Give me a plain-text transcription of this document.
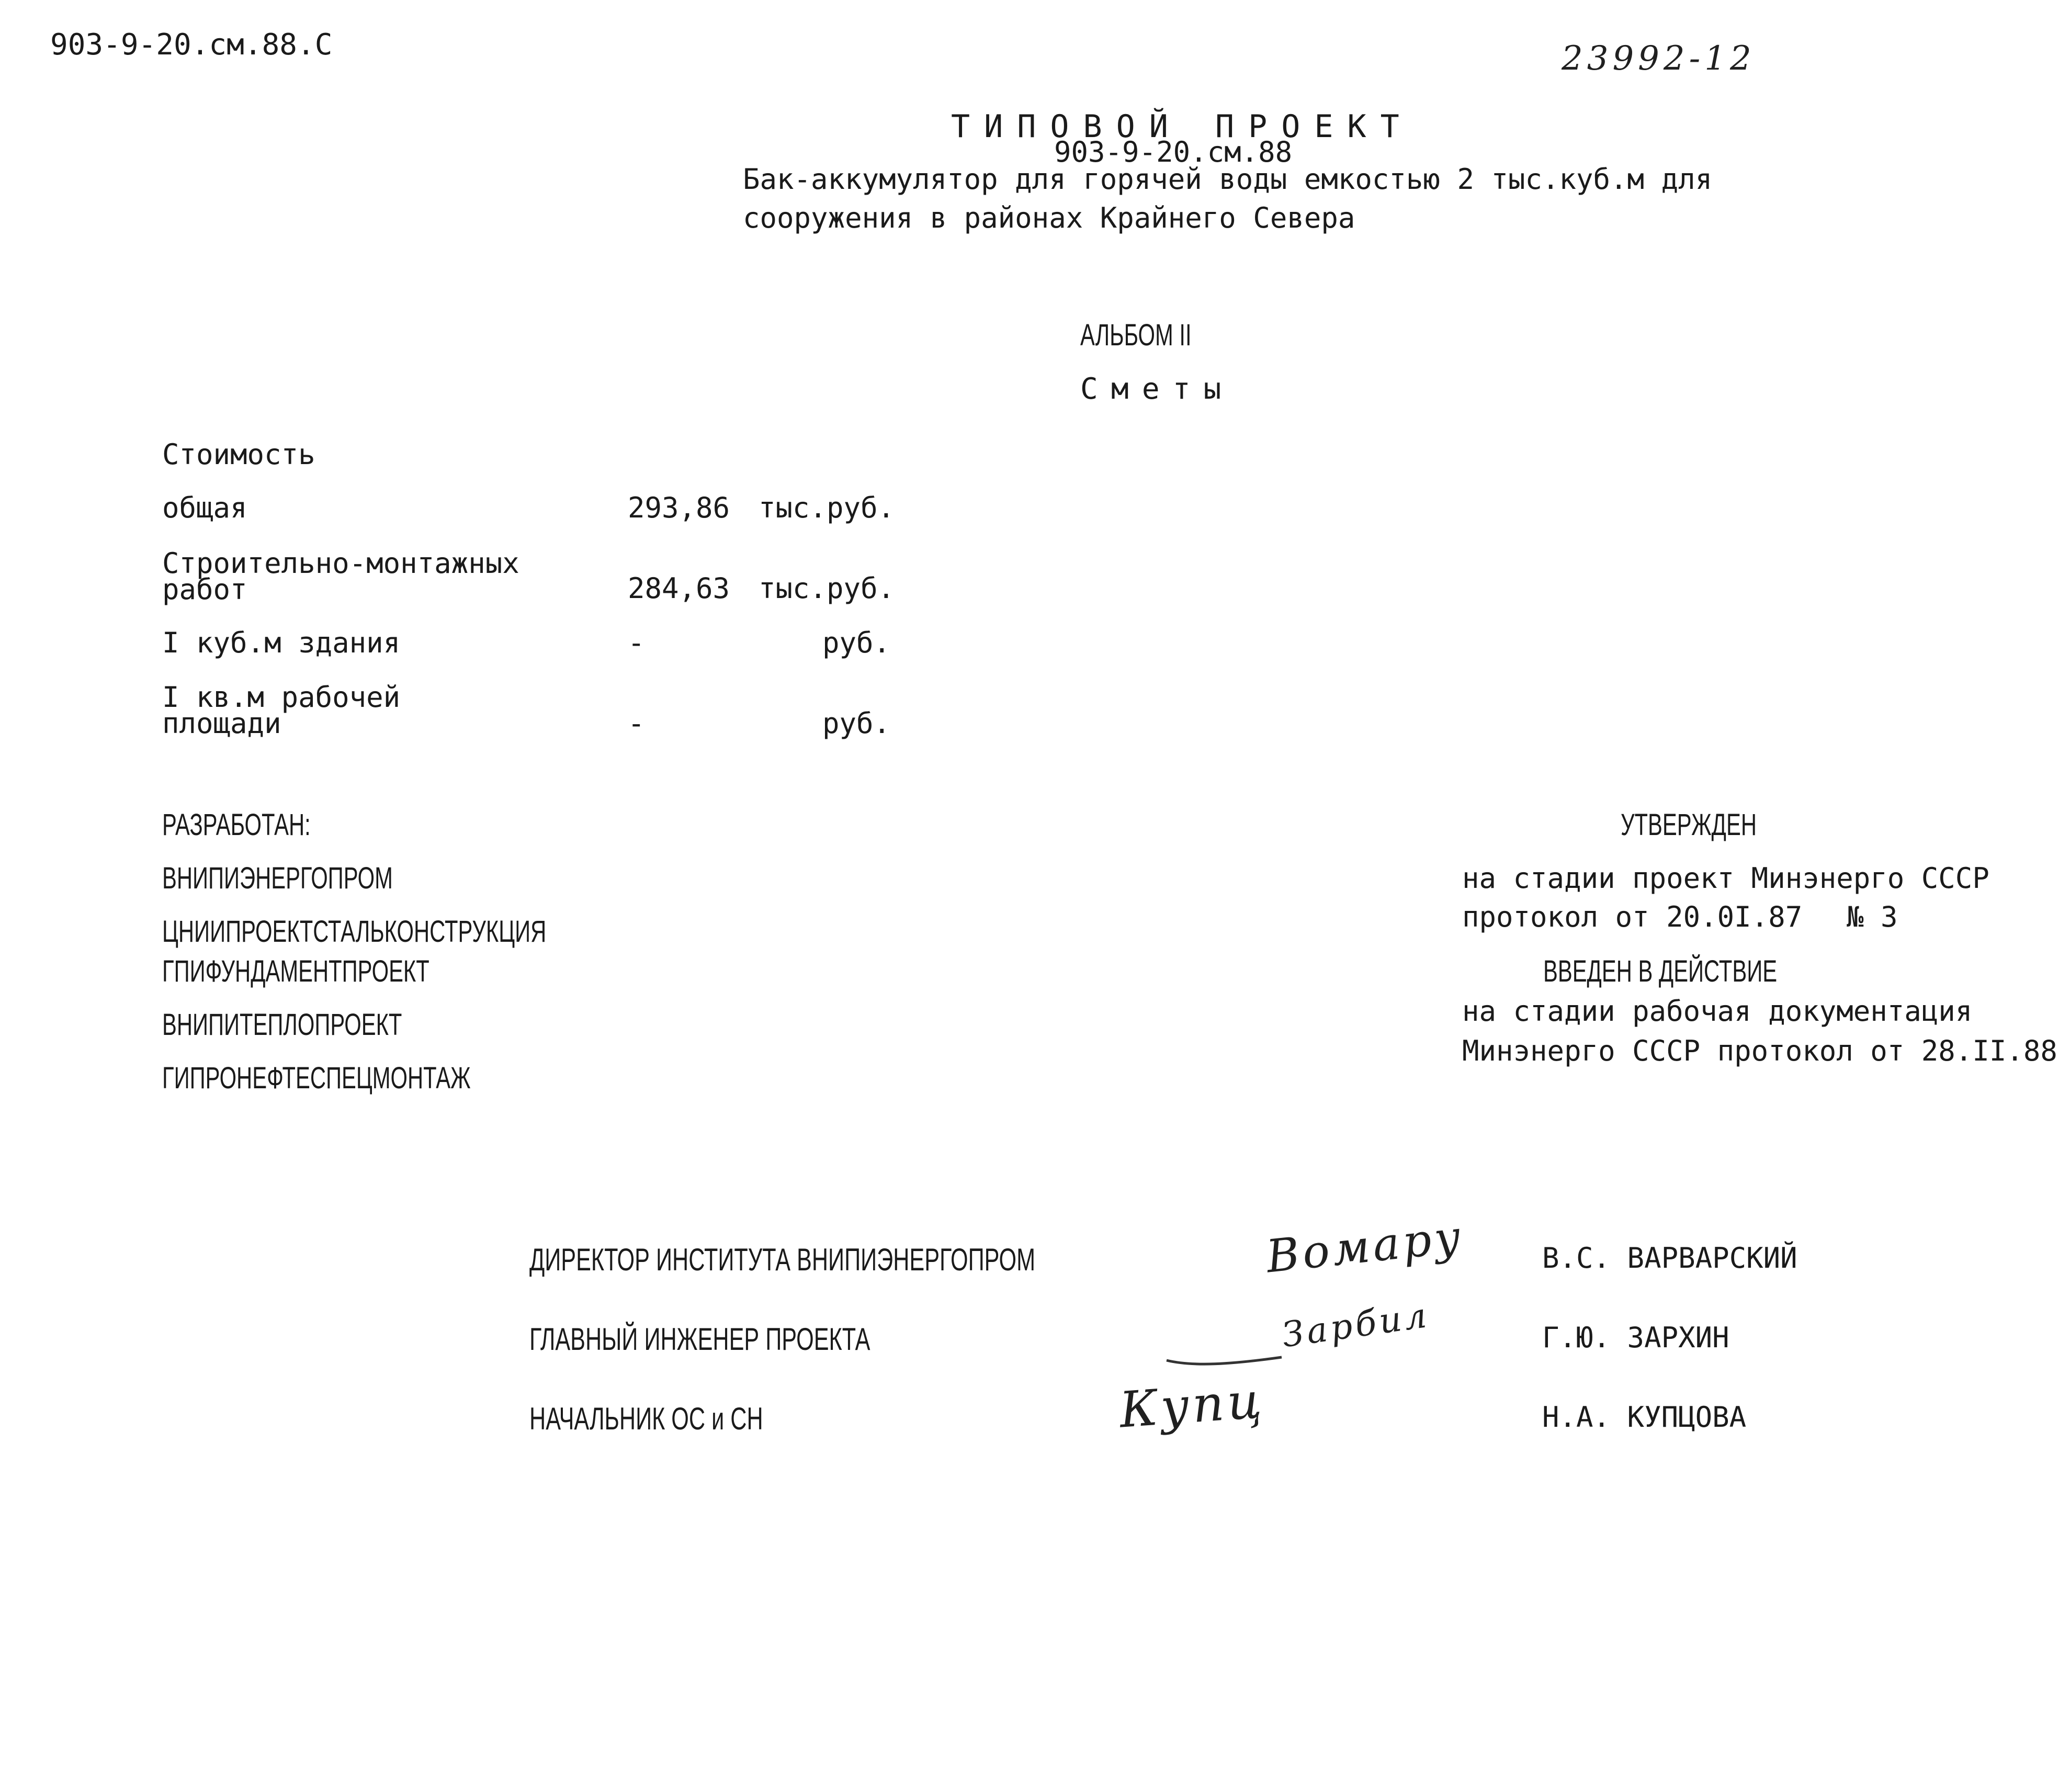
903-9-20.см.88.С	23992-12
ТИПОВОЙ ПРОЕКТ
903-9-20.см.88
Бак-аккумулятор для горячей воды емкостью 2 тыс.куб.м для
сооружения в районах Крайнего Севера
АЛЬБОМ II
Сметы
Стоимость
общая	293,86 тыс.руб.
Строительно-монтажных
работ	284,63 тыс.руб.
I куб.м здания	-	руб.
I кв.м рабочей
площади	-	руб.
РАЗРАБОТАН:
ВНИПИЭНЕРГОПРОМ
ЦНИИПРОЕКТСТАЛЬКОНСТРУКЦИЯ
ГПИФУНДАМЕНТПРОЕКТ
ВНИПИТЕПЛОПРОЕКТ
ГИПРОНЕФТЕСПЕЦМОНТАЖ
УТВЕРЖДЕН
на стадии проект Минэнерго СССР
протокол от 20.0I.87 № 3
ВВЕДЕН В ДЕЙСТВИЕ
на стадии рабочая документация
Минэнерго СССР протокол от 28.II.88
ДИРЕКТОР ИНСТИТУТА ВНИПИЭНЕРГОПРОМ	Вомару	В.С. ВАРВАРСКИЙ
ГЛАВНЫЙ ИНЖЕНЕР ПРОЕКТА	Зарбил	Г.Ю. ЗАРХИН
НАЧАЛЬНИК ОС и СН	Купц	Н.А. КУПЦОВА
